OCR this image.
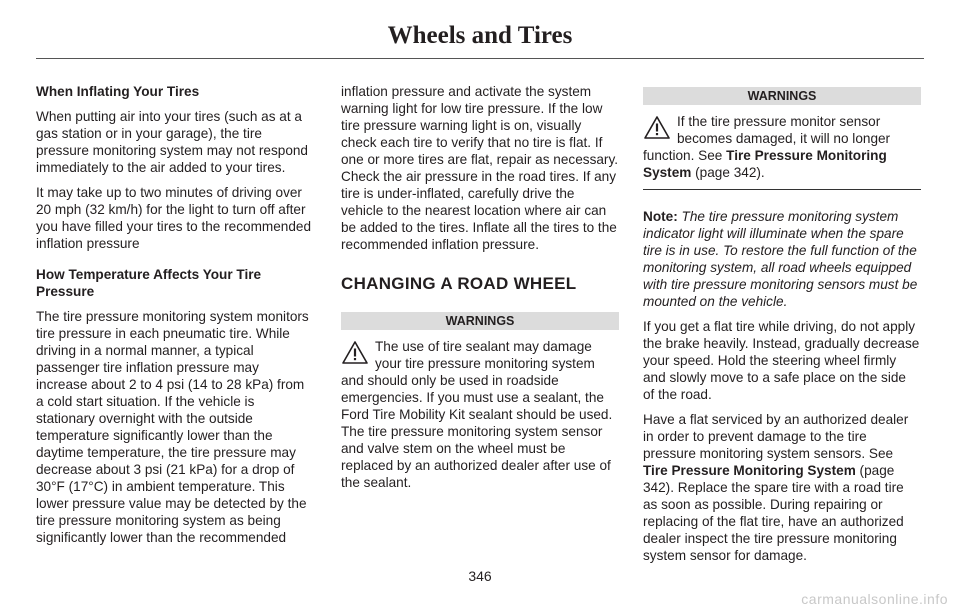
Wheels and Tires

When Inflating Your Tires

When putting air into your tires (such as at a gas station or in your garage), the tire pressure monitoring system may not respond immediately to the air added to your tires.

It may take up to two minutes of driving over 20 mph (32 km/h) for the light to turn off after you have filled your tires to the recommended inflation pressure

How Temperature Affects Your Tire Pressure

The tire pressure monitoring system monitors tire pressure in each pneumatic tire. While driving in a normal manner, a typical passenger tire inflation pressure may increase about 2 to 4 psi (14 to 28 kPa) from a cold start situation. If the vehicle is stationary overnight with the outside temperature significantly lower than the daytime temperature, the tire pressure may decrease about 3 psi (21 kPa) for a drop of 30°F (17°C) in ambient temperature. This lower pressure value may be detected by the tire pressure monitoring system as being significantly lower than the recommended

inflation pressure and activate the system warning light for low tire pressure. If the low tire pressure warning light is on, visually check each tire to verify that no tire is flat. If one or more tires are flat, repair as necessary. Check the air pressure in the road tires. If any tire is under-inflated, carefully drive the vehicle to the nearest location where air can be added to the tires. Inflate all the tires to the recommended inflation pressure.

CHANGING A ROAD WHEEL

WARNINGS
The use of tire sealant may damage your tire pressure monitoring system and should only be used in roadside emergencies. If you must use a sealant, the Ford Tire Mobility Kit sealant should be used. The tire pressure monitoring system sensor and valve stem on the wheel must be replaced by an authorized dealer after use of the sealant.
WARNINGS
If the tire pressure monitor sensor becomes damaged, it will no longer function. See Tire Pressure Monitoring System (page 342).

Note: The tire pressure monitoring system indicator light will illuminate when the spare tire is in use. To restore the full function of the monitoring system, all road wheels equipped with tire pressure monitoring sensors must be mounted on the vehicle.

If you get a flat tire while driving, do not apply the brake heavily. Instead, gradually decrease your speed. Hold the steering wheel firmly and slowly move to a safe place on the side of the road.

Have a flat serviced by an authorized dealer in order to prevent damage to the tire pressure monitoring system sensors. See Tire Pressure Monitoring System (page 342). Replace the spare tire with a road tire as soon as possible. During repairing or replacing of the flat tire, have an authorized dealer inspect the tire pressure monitoring system sensor for damage.

346
carmanualsonline.info
